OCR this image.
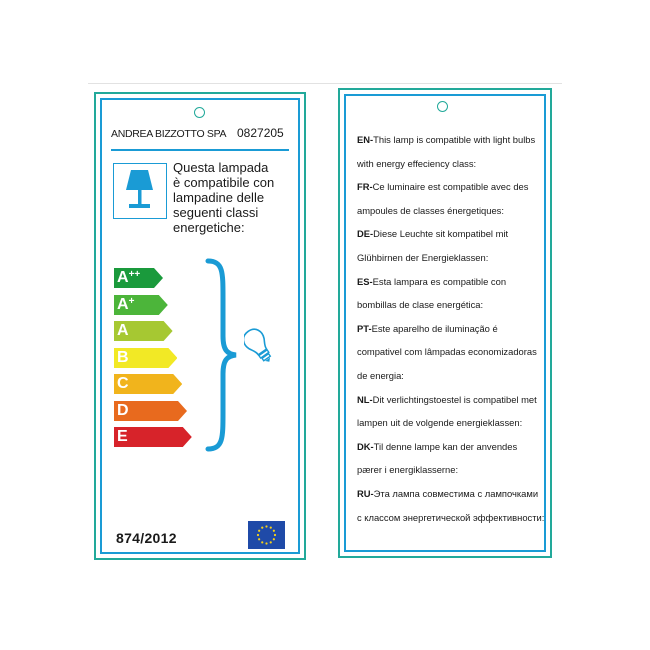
ANDREA BIZZOTTO SPA 0827205
Questa lampada
è compatibile con
lampadine delle
seguenti classi
energetiche:
A++
A+
A
B
C
D
E
874/2012
EN-This lamp is compatible with light bulbs
with energy effeciency class:
FR-Ce luminaire est compatible avec des
ampoules de classes énergetiques:
DE-Diese Leuchte sit kompatibel mit
Glühbirnen der Energieklassen:
ES-Esta lampara es compatible con
bombillas de clase energética:
PT-Este aparelho de iluminação é
compativel com lâmpadas economizadoras
de energia:
NL-Dit verlichtingstoestel is compatibel met
lampen uit de volgende energieklassen:
DK-Til denne lampe kan der anvendes
pærer i energiklasserne:
RU-Эта лампа совместима с лампочками
с классом энергетической эффективности:
